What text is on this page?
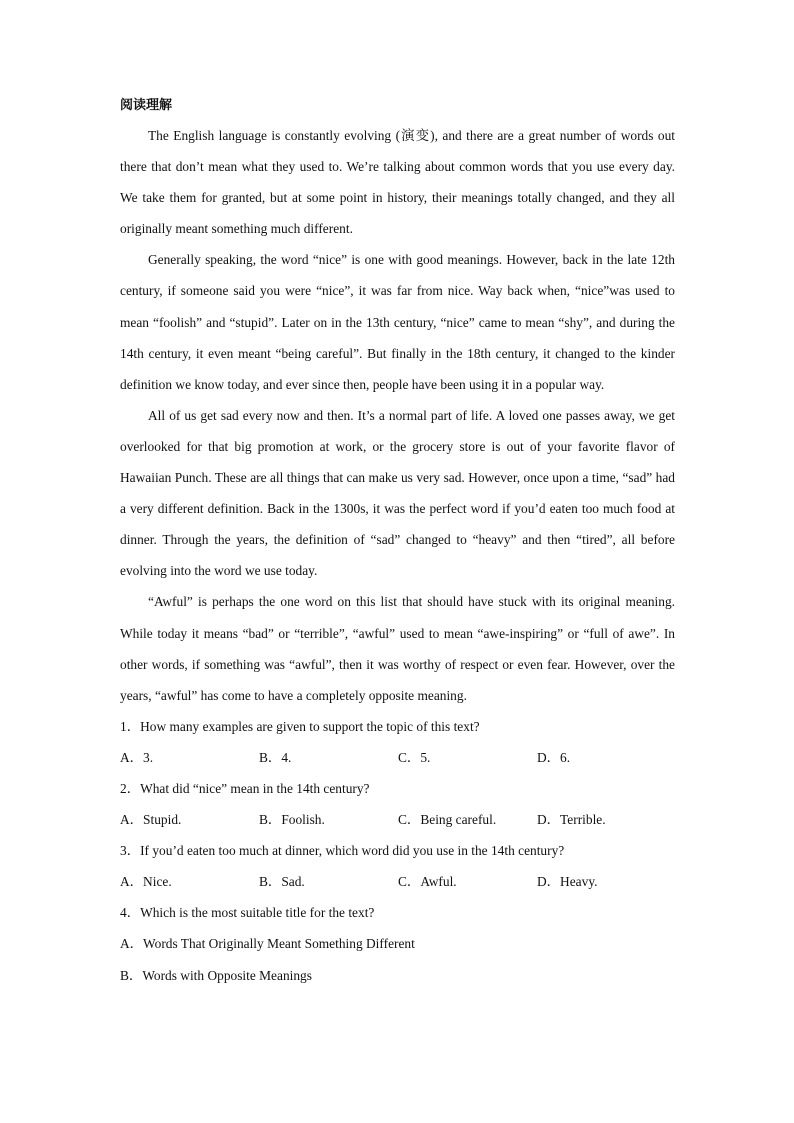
阅读理解

The English language is constantly evolving (演变), and there are a great number of words out there that don’t mean what they used to. We’re talking about common words that you use every day. We take them for granted, but at some point in history, their meanings totally changed, and they all originally meant something much different.

Generally speaking, the word “nice” is one with good meanings. However, back in the late 12th century, if someone said you were “nice”, it was far from nice. Way back when, “nice”was used to mean “foolish” and “stupid”. Later on in the 13th century, “nice” came to mean “shy”, and during the 14th century, it even meant “being careful”. But finally in the 18th century, it changed to the kinder definition we know today, and ever since then, people have been using it in a popular way.

All of us get sad every now and then. It’s a normal part of life. A loved one passes away, we get overlooked for that big promotion at work, or the grocery store is out of your favorite flavor of Hawaiian Punch. These are all things that can make us very sad. However, once upon a time, “sad” had a very different definition. Back in the 1300s, it was the perfect word if you’d eaten too much food at dinner. Through the years, the definition of “sad” changed to “heavy” and then “tired”, all before evolving into the word we use today.

“Awful” is perhaps the one word on this list that should have stuck with its original meaning. While today it means “bad” or “terrible”, “awful” used to mean “awe-inspiring” or “full of awe”. In other words, if something was “awful”, then it was worthy of respect or even fear. However, over the years, “awful” has come to have a completely opposite meaning.

1．How many examples are given to support the topic of this text?

A．3.	B．4.	C．5.	D．6.

2．What did “nice” mean in the 14th century?

A．Stupid.	B．Foolish.	C．Being careful.	D．Terrible.

3．If you’d eaten too much at dinner, which word did you use in the 14th century?

A．Nice.	B．Sad.	C．Awful.	D．Heavy.

4．Which is the most suitable title for the text?

A．Words That Originally Meant Something Different

B．Words with Opposite Meanings
